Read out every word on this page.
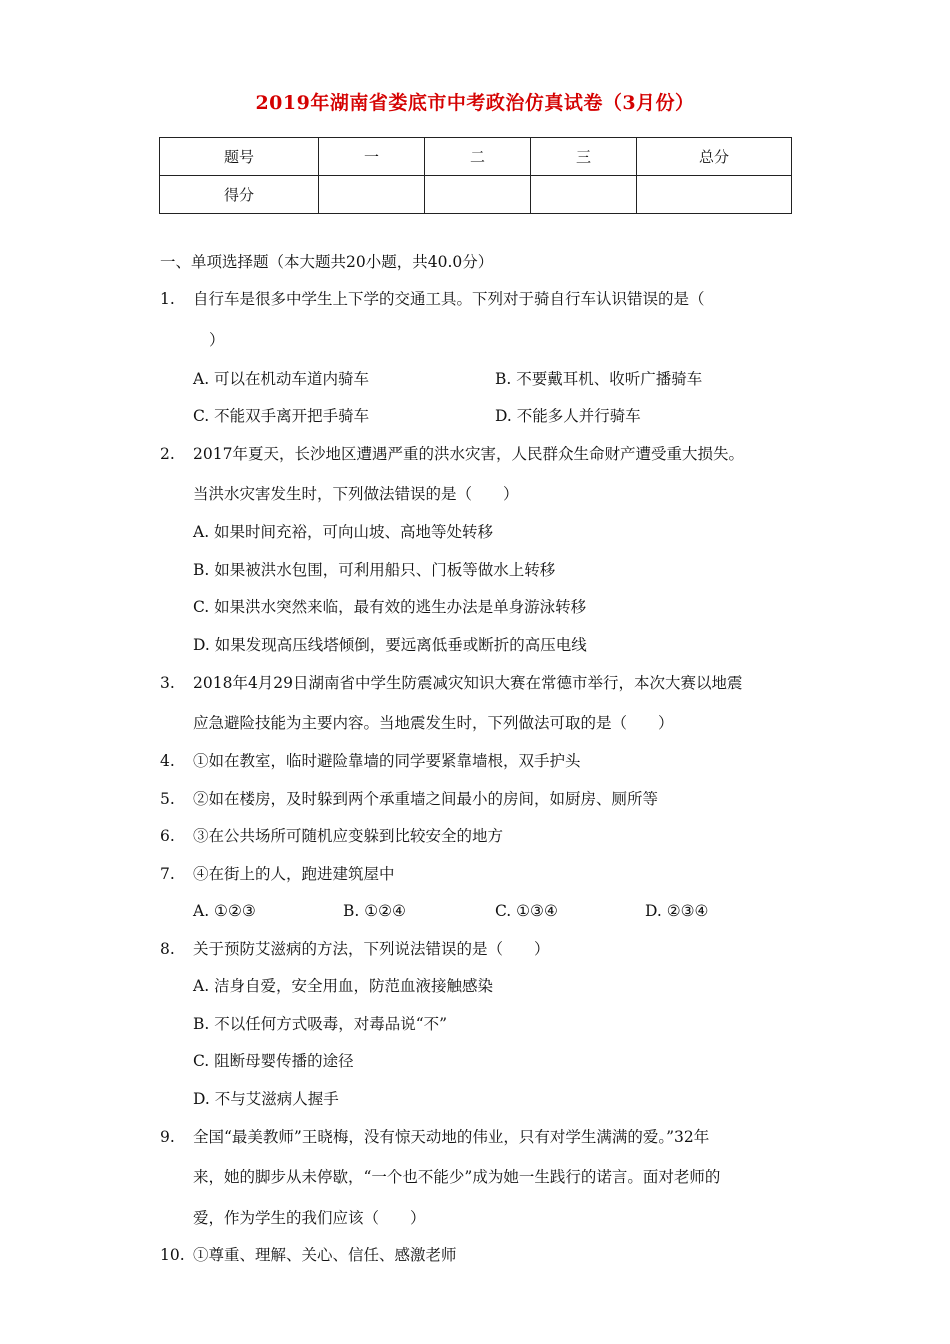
2019年湖南省娄底市中考政治仿真试卷（3月份）
题号	一	二	三	总分
得分				
一、单项选择题（本大题共20小题，共40.0分）
1. 自行车是很多中学生上下学的交通工具。下列对于骑自行车认识错误的是（
）
A. 可以在机动车道内骑车	B. 不要戴耳机、收听广播骑车
C. 不能双手离开把手骑车	D. 不能多人并行骑车
2. 2017年夏天，长沙地区遭遇严重的洪水灾害，人民群众生命财产遭受重大损失。
当洪水灾害发生时，下列做法错误的是（　　）
A. 如果时间充裕，可向山坡、高地等处转移
B. 如果被洪水包围，可利用船只、门板等做水上转移
C. 如果洪水突然来临，最有效的逃生办法是单身游泳转移
D. 如果发现高压线塔倾倒，要远离低垂或断折的高压电线
3. 2018年4月29日湖南省中学生防震减灾知识大赛在常德市举行，本次大赛以地震
应急避险技能为主要内容。当地震发生时，下列做法可取的是（　　）
4. ①如在教室，临时避险靠墙的同学要紧靠墙根，双手护头
5. ②如在楼房，及时躲到两个承重墙之间最小的房间，如厨房、厕所等
6. ③在公共场所可随机应变躲到比较安全的地方
7. ④在街上的人，跑进建筑屋中
A. ①②③	B. ①②④	C. ①③④	D. ②③④
8. 关于预防艾滋病的方法，下列说法错误的是（　　）
A. 洁身自爱，安全用血，防范血液接触感染
B. 不以任何方式吸毒，对毒品说“不”
C. 阻断母婴传播的途径
D. 不与艾滋病人握手
9. 全国“最美教师”王晓梅，没有惊天动地的伟业，只有对学生满满的爱。”32年
来，她的脚步从未停歇，“一个也不能少”成为她一生践行的诺言。面对老师的
爱，作为学生的我们应该（　　）
10. ①尊重、理解、关心、信任、感激老师
